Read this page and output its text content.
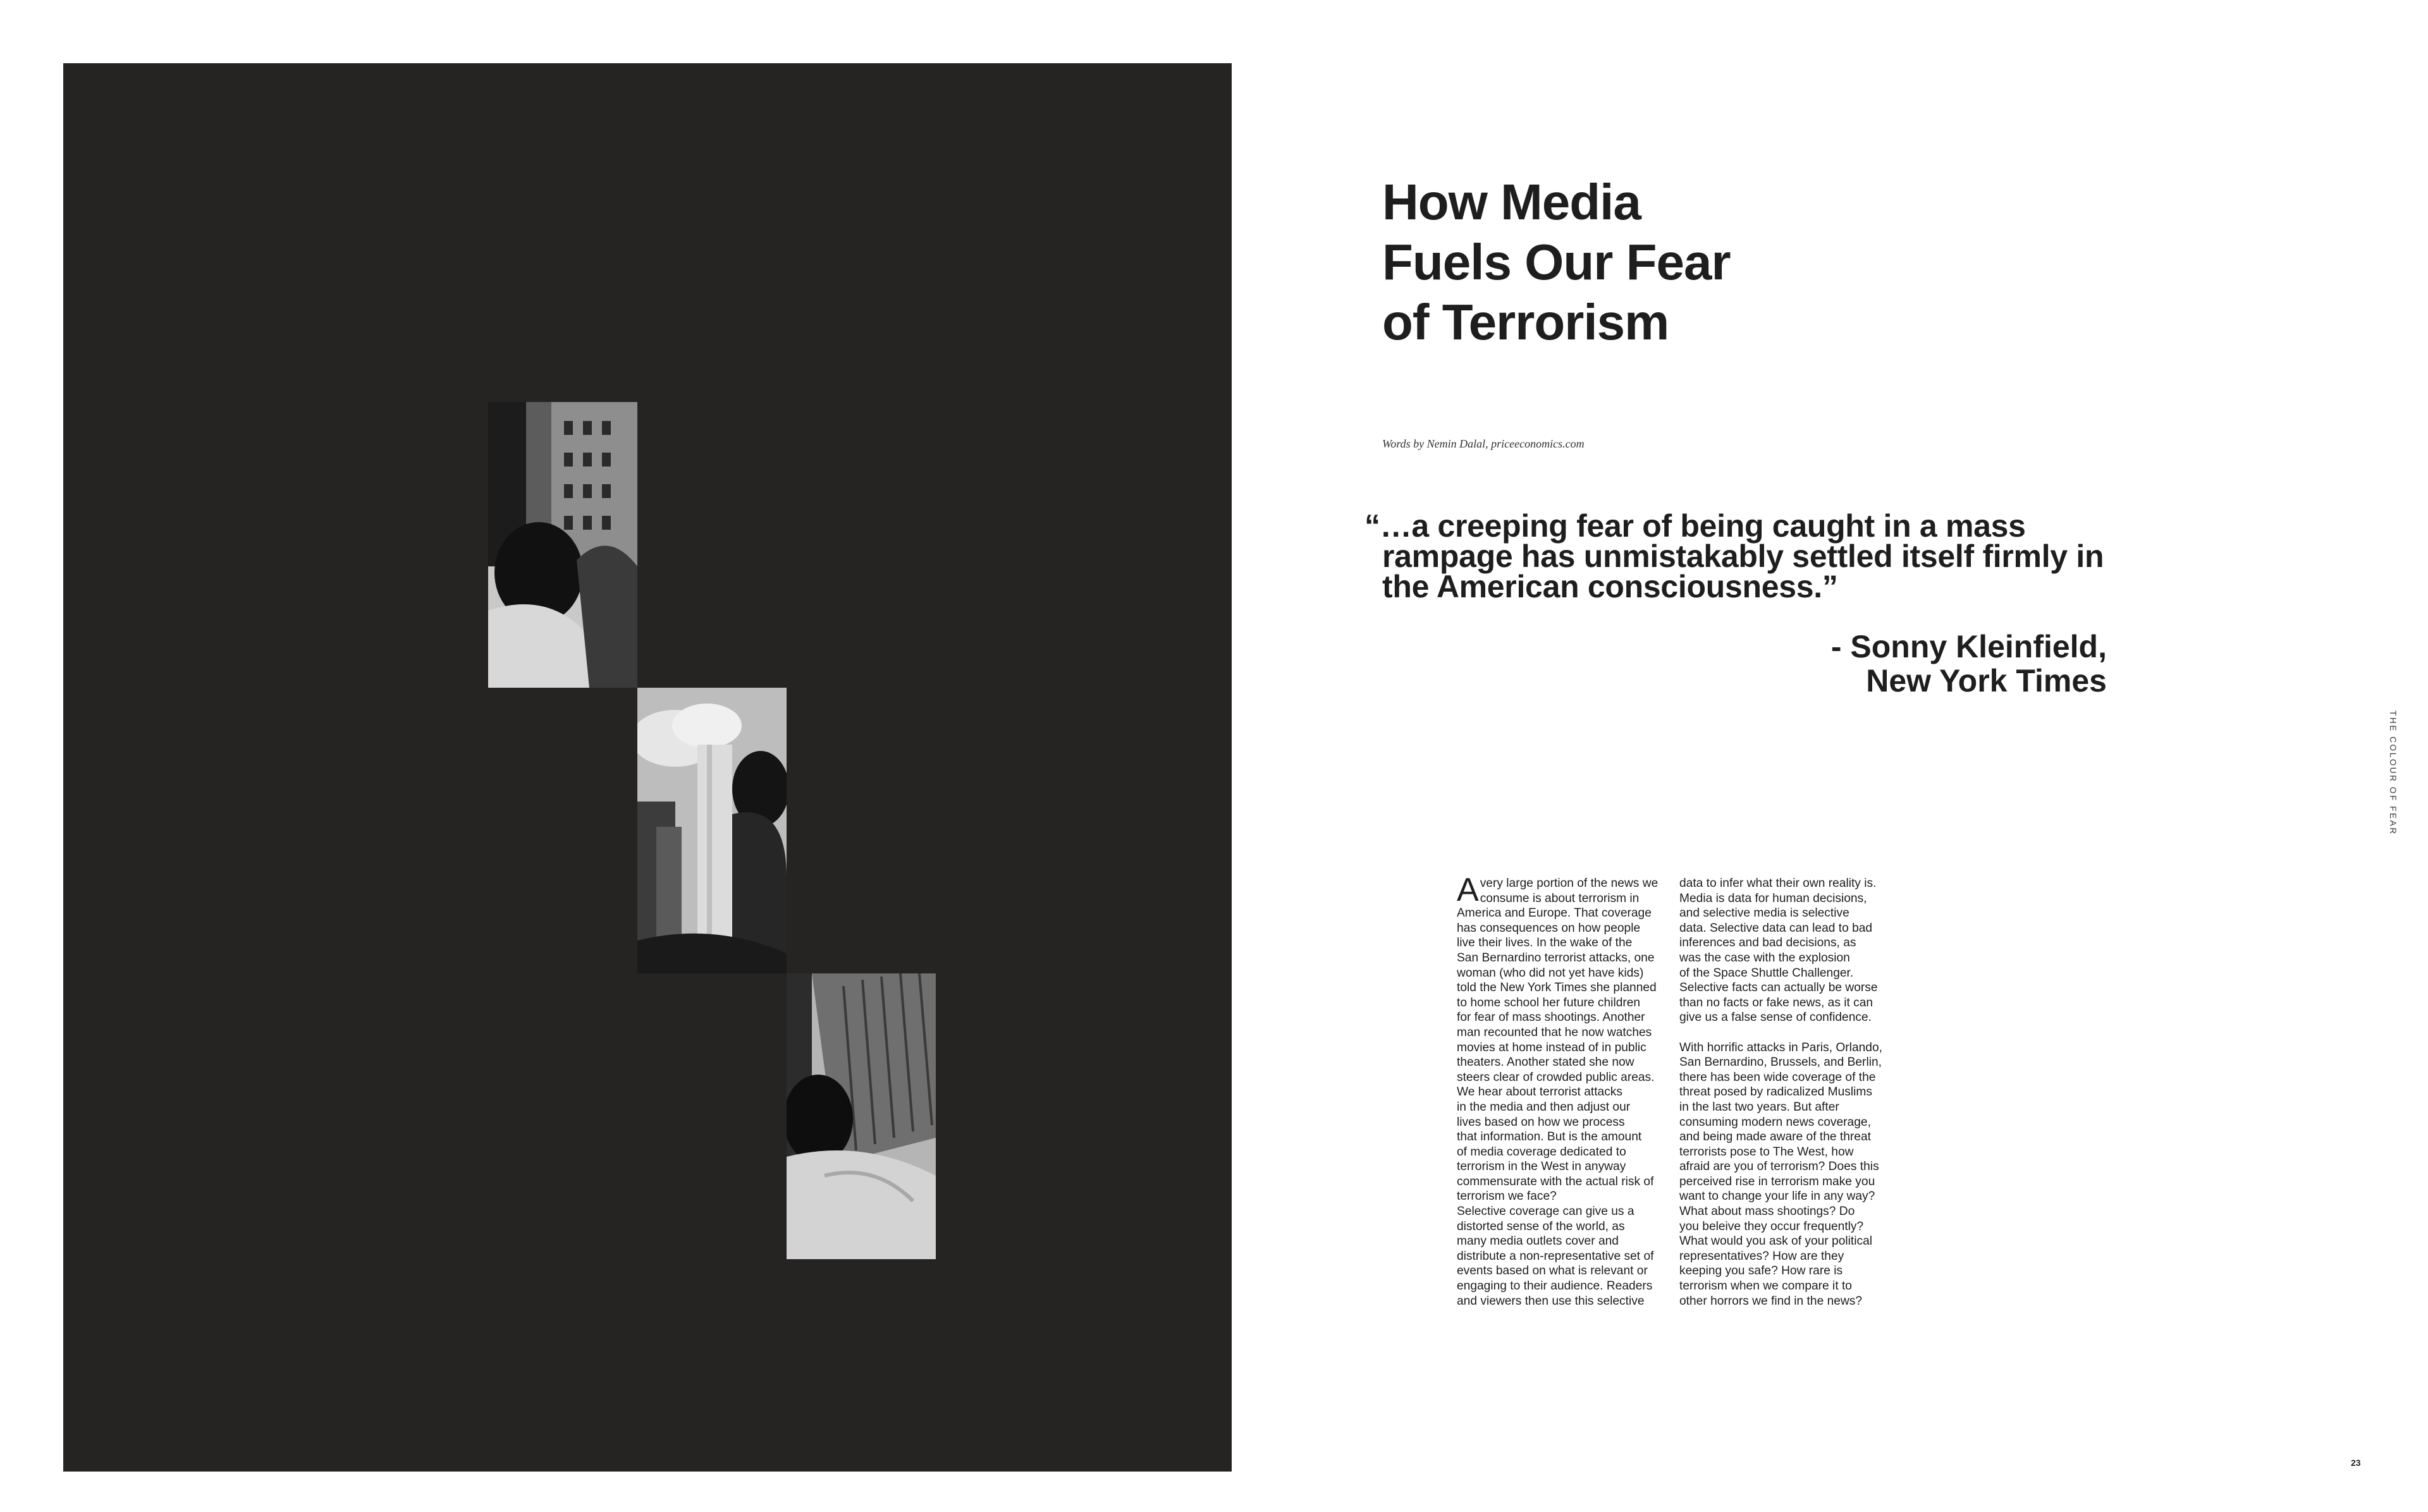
How Media
Fuels Our Fear
of Terrorism
Words by Nemin Dalal, priceeconomics.com
“…a creeping fear of being caught in a mass
rampage has unmistakably settled itself firmly in
the American consciousness.”
- Sonny Kleinfield,
New York Times
A very large portion of the news we
consume is about terrorism in
America and Europe. That coverage
has consequences on how people
live their lives. In the wake of the
San Bernardino terrorist attacks, one
woman (who did not yet have kids)
told the New York Times she planned
to home school her future children
for fear of mass shootings. Another
man recounted that he now watches
movies at home instead of in public
theaters. Another stated she now
steers clear of crowded public areas.
We hear about terrorist attacks
in the media and then adjust our
lives based on how we process
that information. But is the amount
of media coverage dedicated to
terrorism in the West in anyway
commensurate with the actual risk of
terrorism we face?
Selective coverage can give us a
distorted sense of the world, as
many media outlets cover and
distribute a non-representative set of
events based on what is relevant or
engaging to their audience. Readers
and viewers then use this selective
data to infer what their own reality is.
Media is data for human decisions,
and selective media is selective
data. Selective data can lead to bad
inferences and bad decisions, as
was the case with the explosion
of the Space Shuttle Challenger.
Selective facts can actually be worse
than no facts or fake news, as it can
give us a false sense of confidence.
With horrific attacks in Paris, Orlando,
San Bernardino, Brussels, and Berlin,
there has been wide coverage of the
threat posed by radicalized Muslims
in the last two years. But after
consuming modern news coverage,
and being made aware of the threat
terrorists pose to The West, how
afraid are you of terrorism? Does this
perceived rise in terrorism make you
want to change your life in any way?
What about mass shootings? Do
you beleive they occur frequently?
What would you ask of your political
representatives? How are they
keeping you safe? How rare is
terrorism when we compare it to
other horrors we find in the news?
THE COLOUR OF FEAR
23
